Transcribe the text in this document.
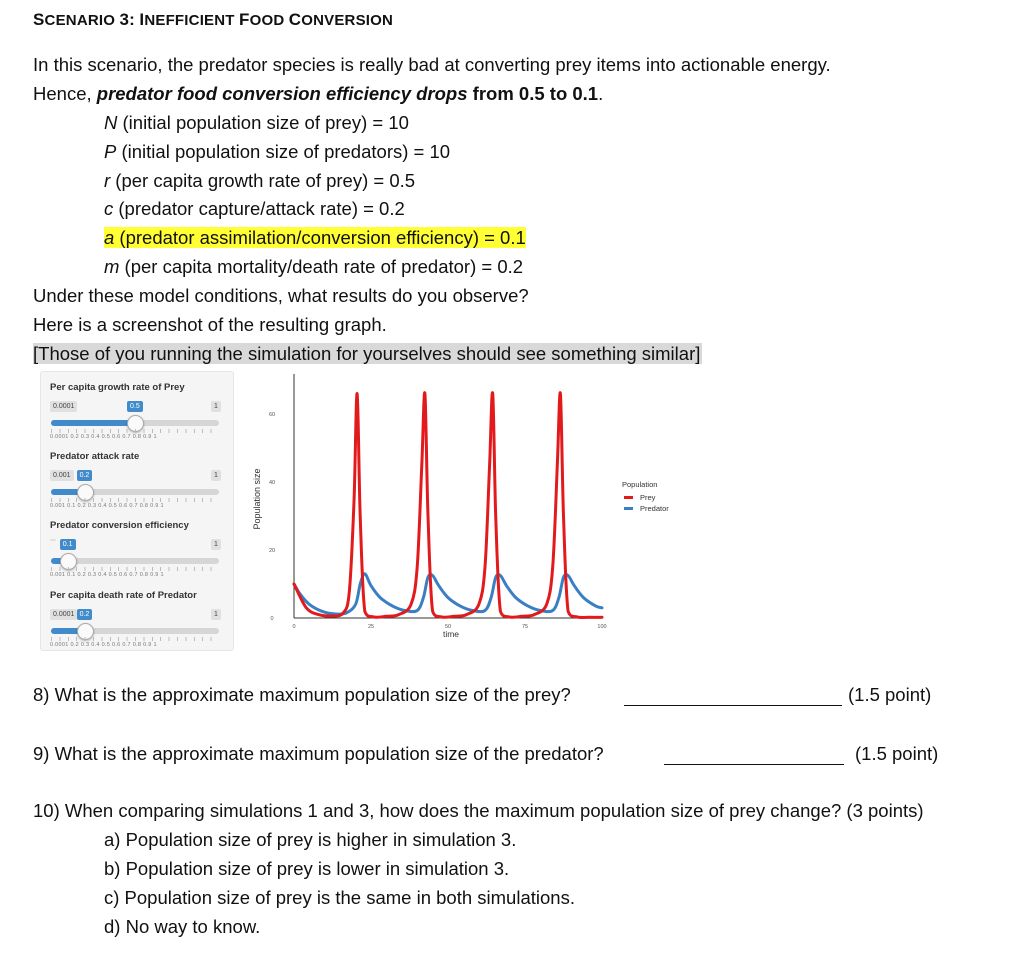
SCENARIO 3: INEFFICIENT FOOD CONVERSION
In this scenario, the predator species is really bad at converting prey items into actionable energy.
Hence, predator food conversion efficiency drops from 0.5 to 0.1.
N (initial population size of prey) = 10
P (initial population size of predators) = 10
r (per capita growth rate of prey) = 0.5
c (predator capture/attack rate) = 0.2
a (predator assimilation/conversion efficiency) = 0.1
m (per capita mortality/death rate of predator) = 0.2
Under these model conditions, what results do you observe?
Here is a screenshot of the resulting graph.
[Those of you running the simulation for yourselves should see something similar]
Per capita growth rate of Prey
0.0001	0.5	1
0.0001 0.2 0.3 0.4 0.5 0.6 0.7 0.8 0.9 1
Predator attack rate
0.001	0.2	1
0.001 0.1 0.2 0.3 0.4 0.5 0.6 0.7 0.8 0.9 1
Predator conversion efficiency
0.1	1
0.001 0.1 0.2 0.3 0.4 0.5 0.6 0.7 0.8 0.9 1
Per capita death rate of Predator
0.0001 0.2	1
0.0001 0.2 0.3 0.4 0.5 0.6 0.7 0.8 0.9 1
0	25	50	75	100
0
20
40
60
time
Population size	Population
Prey
Predator
8) What is the approximate maximum population size of the prey?	(1.5 point)
9) What is the approximate maximum population size of the predator?	(1.5 point)
10) When comparing simulations 1 and 3, how does the maximum population size of prey change? (3 points)
a) Population size of prey is higher in simulation 3.
b) Population size of prey is lower in simulation 3.
c) Population size of prey is the same in both simulations.
d) No way to know.
